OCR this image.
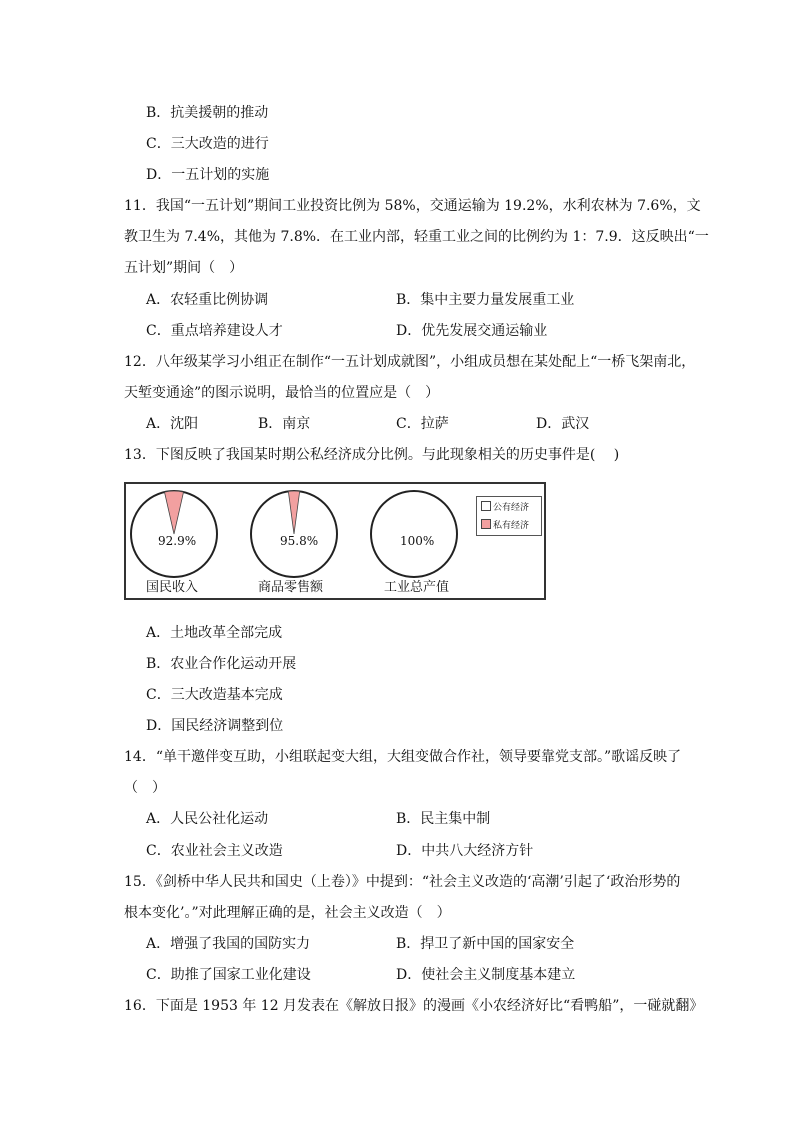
B．抗美援朝的推动
C．三大改造的进行
D．一五计划的实施
11．我国“一五计划”期间工业投资比例为 58%，交通运输为 19.2%，水利农林为 7.6%，文
教卫生为 7.4%，其他为 7.8%．在工业内部，轻重工业之间的比例约为 1：7.9．这反映出“一
五计划”期间（　）
A．农轻重比例协调	B．集中主要力量发展重工业
C．重点培养建设人才	D．优先发展交通运输业
12．八年级某学习小组正在制作“一五计划成就图”，小组成员想在某处配上“一桥飞架南北，
天堑变通途”的图示说明，最恰当的位置应是（　）
A．沈阳	B．南京	C．拉萨	D．武汉
13．下图反映了我国某时期公私经济成分比例。与此现象相关的历史事件是(　 )
公有经济
私有经济
92.9%	95.8%	100%
国民收入	商品零售额	工业总产值
A．土地改革全部完成
B．农业合作化运动开展
C．三大改造基本完成
D．国民经济调整到位
14．“单干邀伴变互助，小组联起变大组，大组变做合作社，领导要靠党支部。”歌谣反映了
（　）
A．人民公社化运动	B．民主集中制
C．农业社会主义改造	D．中共八大经济方针
15．《剑桥中华人民共和国史（上卷）》中提到：“社会主义改造的‘高潮’引起了‘政治形势的
根本变化’。”对此理解正确的是，社会主义改造（　）
A．增强了我国的国防实力	B．捍卫了新中国的国家安全
C．助推了国家工业化建设	D．使社会主义制度基本建立
16．下面是 1953 年 12 月发表在《解放日报》的漫画《小农经济好比“看鸭船”，一碰就翻》
